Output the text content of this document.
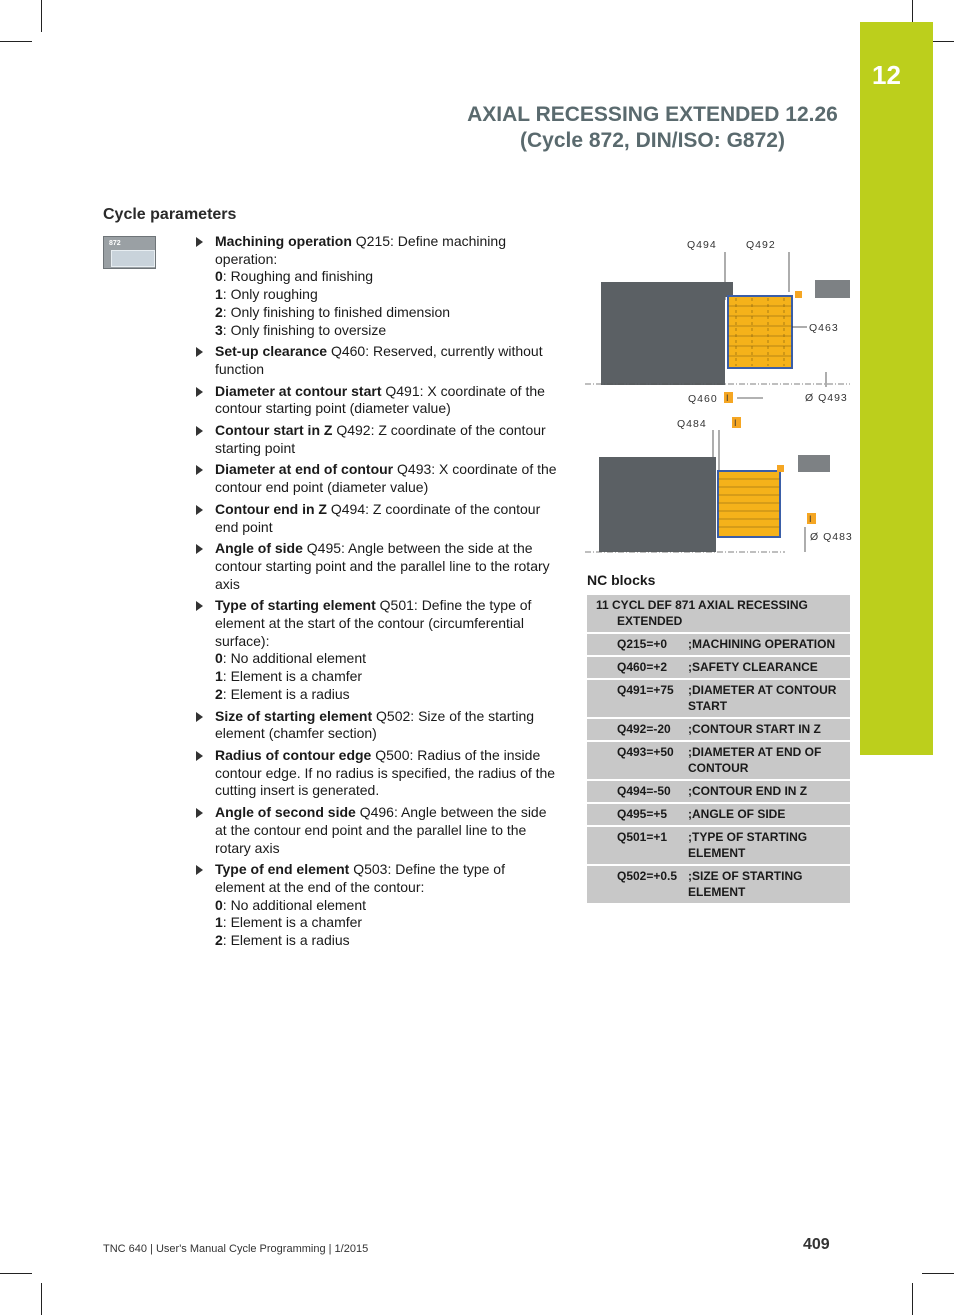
12
AXIAL RECESSING EXTENDED 12.26
(Cycle 872, DIN/ISO: G872)
Cycle parameters
872	Machining operation Q215: Define machining operation:
0: Roughing and finishing
1: Only roughing
2: Only finishing to finished dimension
3: Only finishing to oversize
Set-up clearance Q460: Reserved, currently without function
Diameter at contour start Q491: X coordinate of the contour starting point (diameter value)
Contour start in Z Q492: Z coordinate of the contour starting point
Diameter at end of contour Q493: X coordinate of the contour end point (diameter value)
Contour end in Z Q494: Z coordinate of the contour end point
Angle of side Q495: Angle between the side at the contour starting point and the parallel line to the rotary axis
Type of starting element Q501: Define the type of element at the start of the contour (circumferential surface):
0: No additional element
1: Element is a chamfer
2: Element is a radius
Size of starting element Q502: Size of the starting element (chamfer section)
Radius of contour edge Q500: Radius of the inside contour edge. If no radius is specified, the radius of the cutting insert is generated.
Angle of second side Q496: Angle between the side at the contour end point and the parallel line to the rotary axis
Type of end element Q503: Define the type of element at the end of the contour:
0: No additional element
1: Element is a chamfer
2: Element is a radius
Q494	Q492
Q463
Q460 I	Ø Q493
Q484	I
I
Ø Q483
NC blocks
11 CYCL DEF 871 AXIAL RECESSING EXTENDED
Q215=+0 ;MACHINING OPERATION
Q460=+2 ;SAFETY CLEARANCE
Q491=+75 ;DIAMETER AT CONTOUR START
Q492=-20 ;CONTOUR START IN Z
Q493=+50 ;DIAMETER AT END OF CONTOUR
Q494=-50 ;CONTOUR END IN Z
Q495=+5 ;ANGLE OF SIDE
Q501=+1 ;TYPE OF STARTING ELEMENT
Q502=+0.5 ;SIZE OF STARTING ELEMENT
TNC 640 | User's Manual Cycle Programming | 1/2015	409
